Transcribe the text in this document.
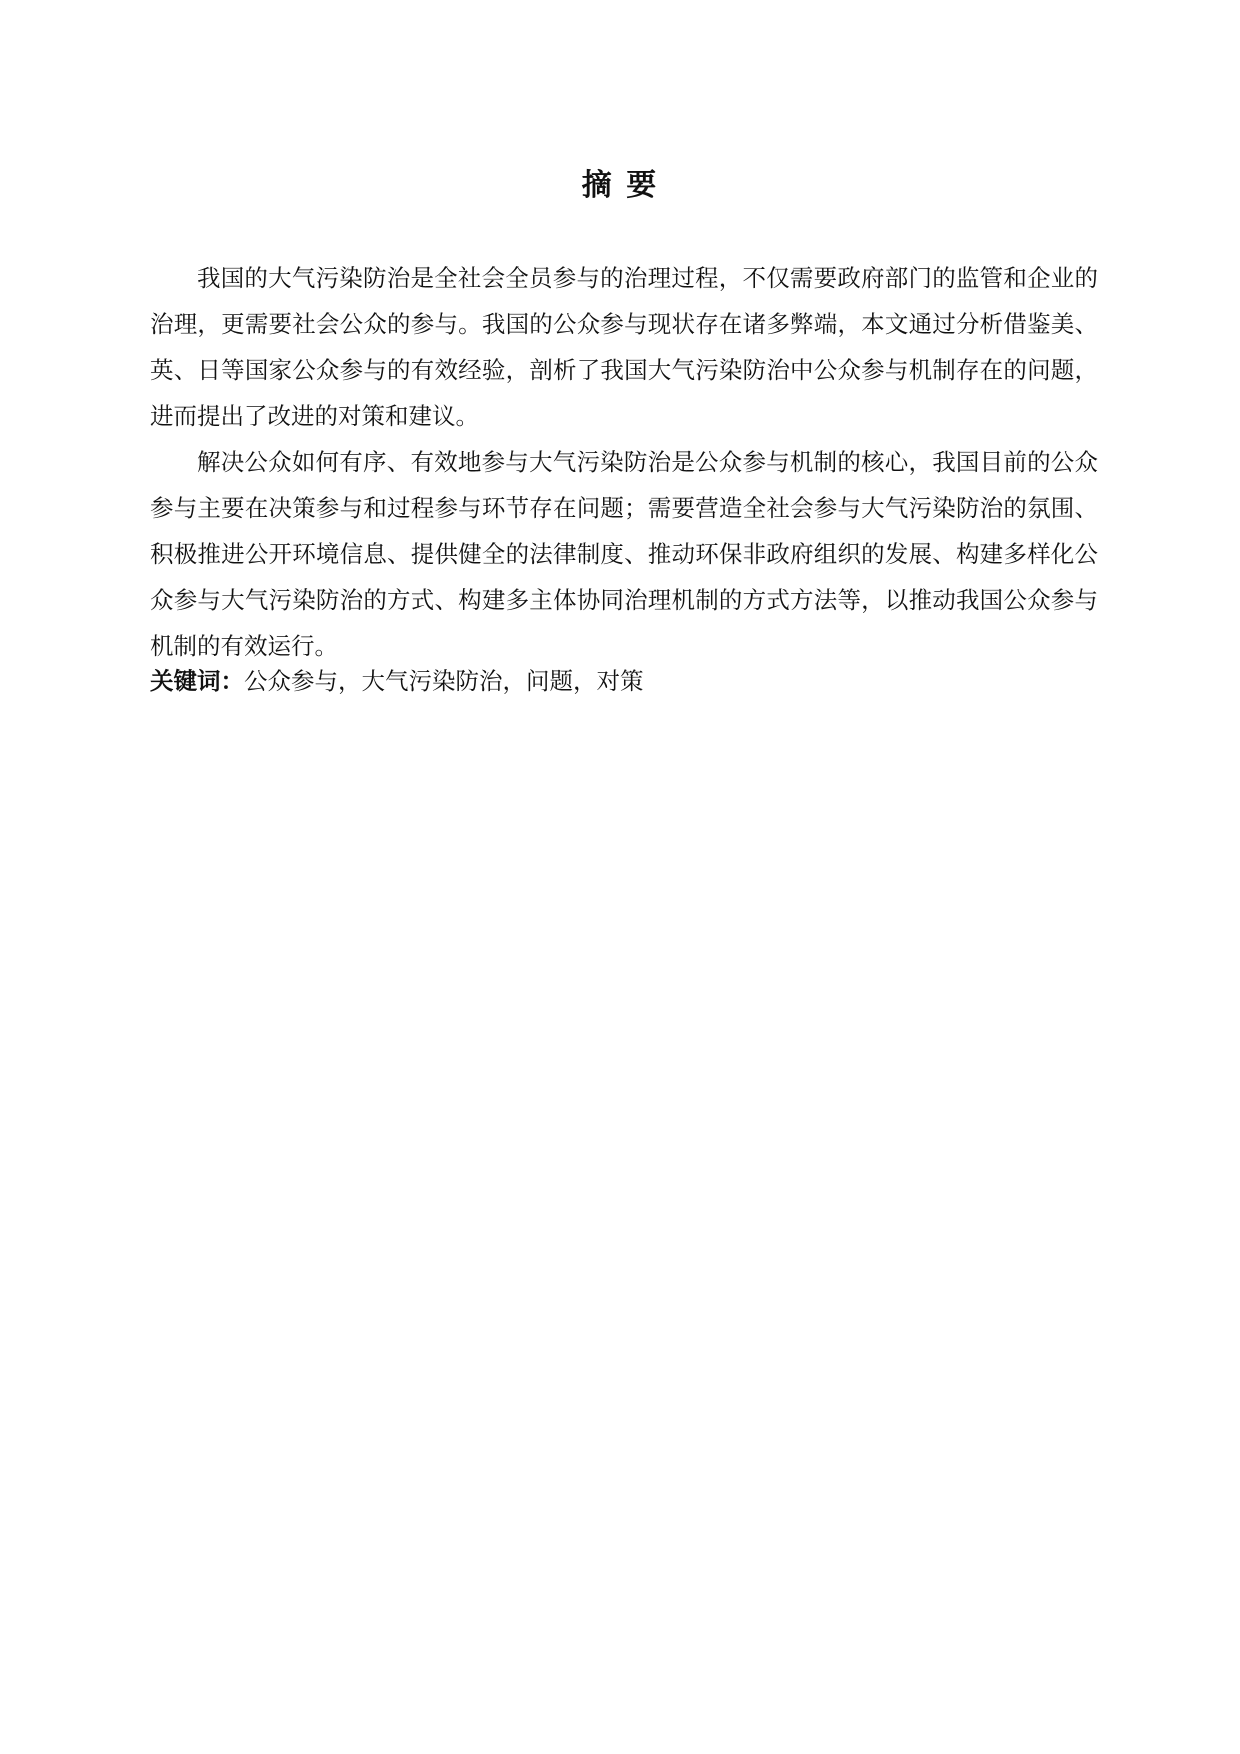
摘 要

我国的大气污染防治是全社会全员参与的治理过程，不仅需要政府部门的监管和企业的治理，更需要社会公众的参与。我国的公众参与现状存在诸多弊端，本文通过分析借鉴美、英、日等国家公众参与的有效经验，剖析了我国大气污染防治中公众参与机制存在的问题，进而提出了改进的对策和建议。

解决公众如何有序、有效地参与大气污染防治是公众参与机制的核心，我国目前的公众参与主要在决策参与和过程参与环节存在问题；需要营造全社会参与大气污染防治的氛围、积极推进公开环境信息、提供健全的法律制度、推动环保非政府组织的发展、构建多样化公众参与大气污染防治的方式、构建多主体协同治理机制的方式方法等，以推动我国公众参与机制的有效运行。

关键词：公众参与，大气污染防治，问题，对策
